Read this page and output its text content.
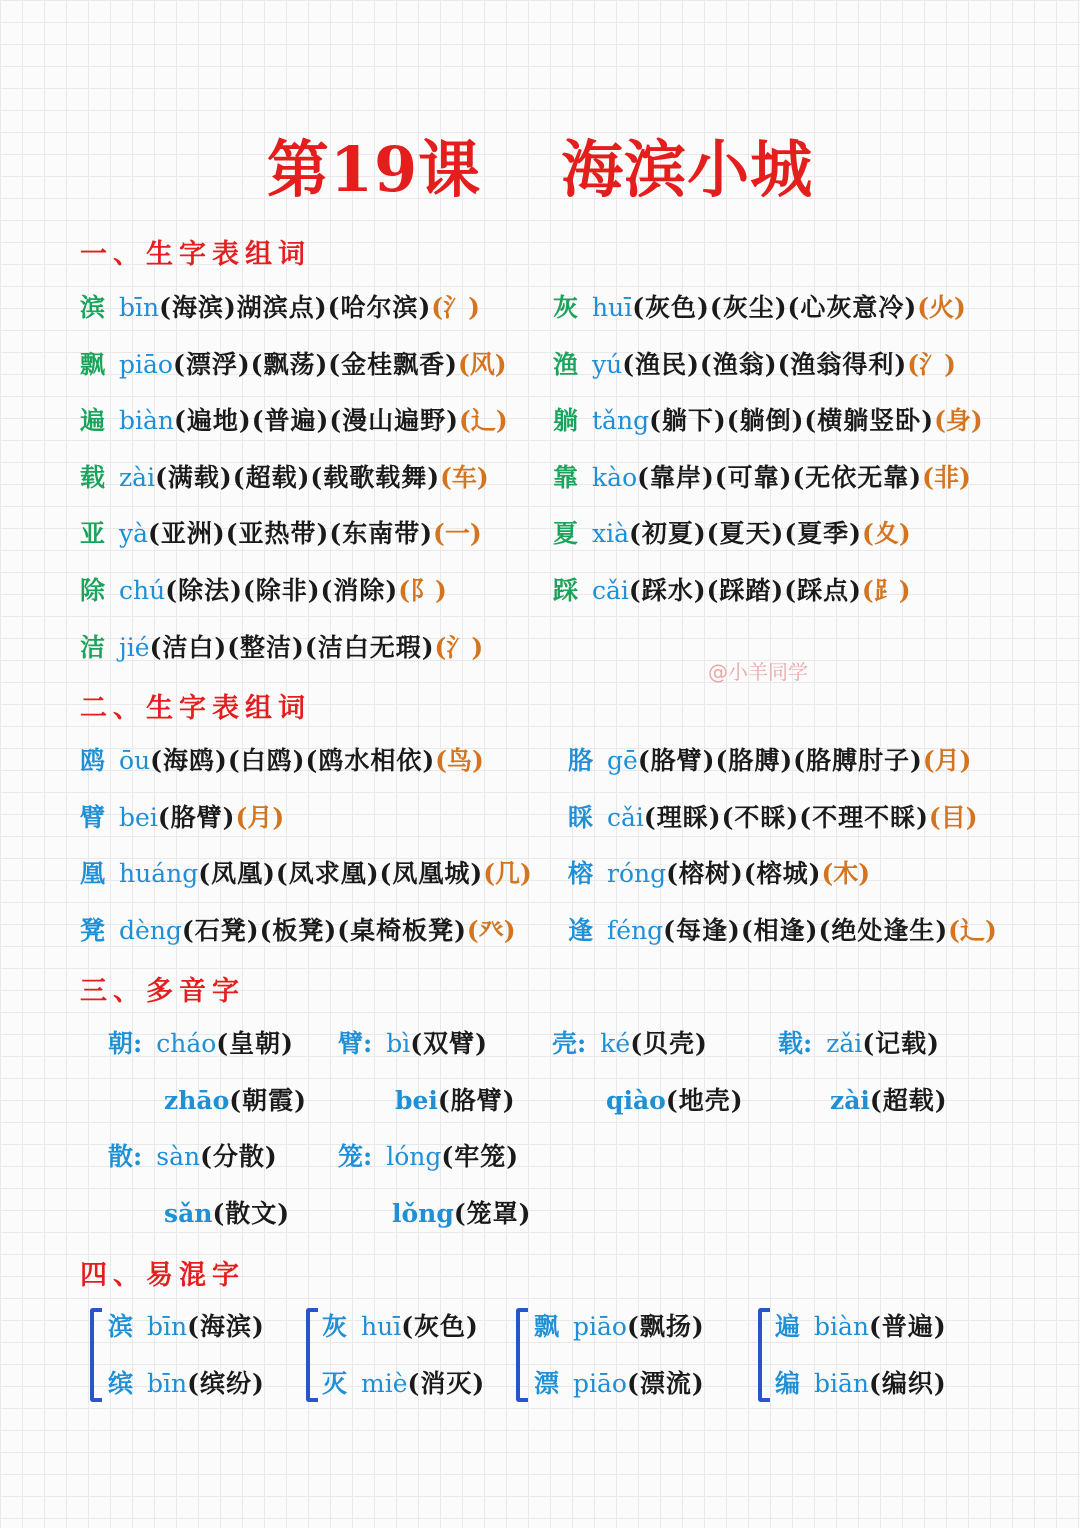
第19课 海滨小城
一、生字表组词
滨 bīn(海滨)湖滨点)(哈尔滨)(氵)
飘 piāo(漂浮)(飘荡)(金桂飘香)(风)
遍 biàn(遍地)(普遍)(漫山遍野)(辶)
载 zài(满载)(超载)(载歌载舞)(车)
亚 yà(亚洲)(亚热带)(东南带)(一)
除 chú(除法)(除非)(消除)(阝)
洁 jié(洁白)(整洁)(洁白无瑕)(氵)
灰 huī(灰色)(灰尘)(心灰意冷)(火)
渔 yú(渔民)(渔翁)(渔翁得利)(氵)
躺 tǎng(躺下)(躺倒)(横躺竖卧)(身)
靠 kào(靠岸)(可靠)(无依无靠)(非)
夏 xià(初夏)(夏天)(夏季)(夊)
踩 cǎi(踩水)(踩踏)(踩点)(⻊)
@小羊同学
二、生字表组词
鸥 ōu(海鸥)(白鸥)(鸥水相依)(鸟)
臂 bei(胳臂)(月)
凰 huáng(凤凰)(凤求凰)(凤凰城)(几)
凳 dèng(石凳)(板凳)(桌椅板凳)(癶)
胳 gē(胳臂)(胳膊)(胳膊肘子)(月)
睬 cǎi(理睬)(不睬)(不理不睬)(目)
榕 róng(榕树)(榕城)(木)
逢 féng(每逢)(相逢)(绝处逢生)(辶)
三、多音字
朝: cháo(皇朝)
zhāo(朝霞)
臂: bì(双臂)
bei(胳臂)
壳: ké(贝壳)
qiào(地壳)
载: zǎi(记载)
zài(超载)
散: sàn(分散)
sǎn(散文)
笼: lóng(牢笼)
lǒng(笼罩)
四、易混字
滨 bīn(海滨)
缤 bīn(缤纷)
灰 huī(灰色)
灭 miè(消灭)
飘 piāo(飘扬)
漂 piāo(漂流)
遍 biàn(普遍)
编 biān(编织)
